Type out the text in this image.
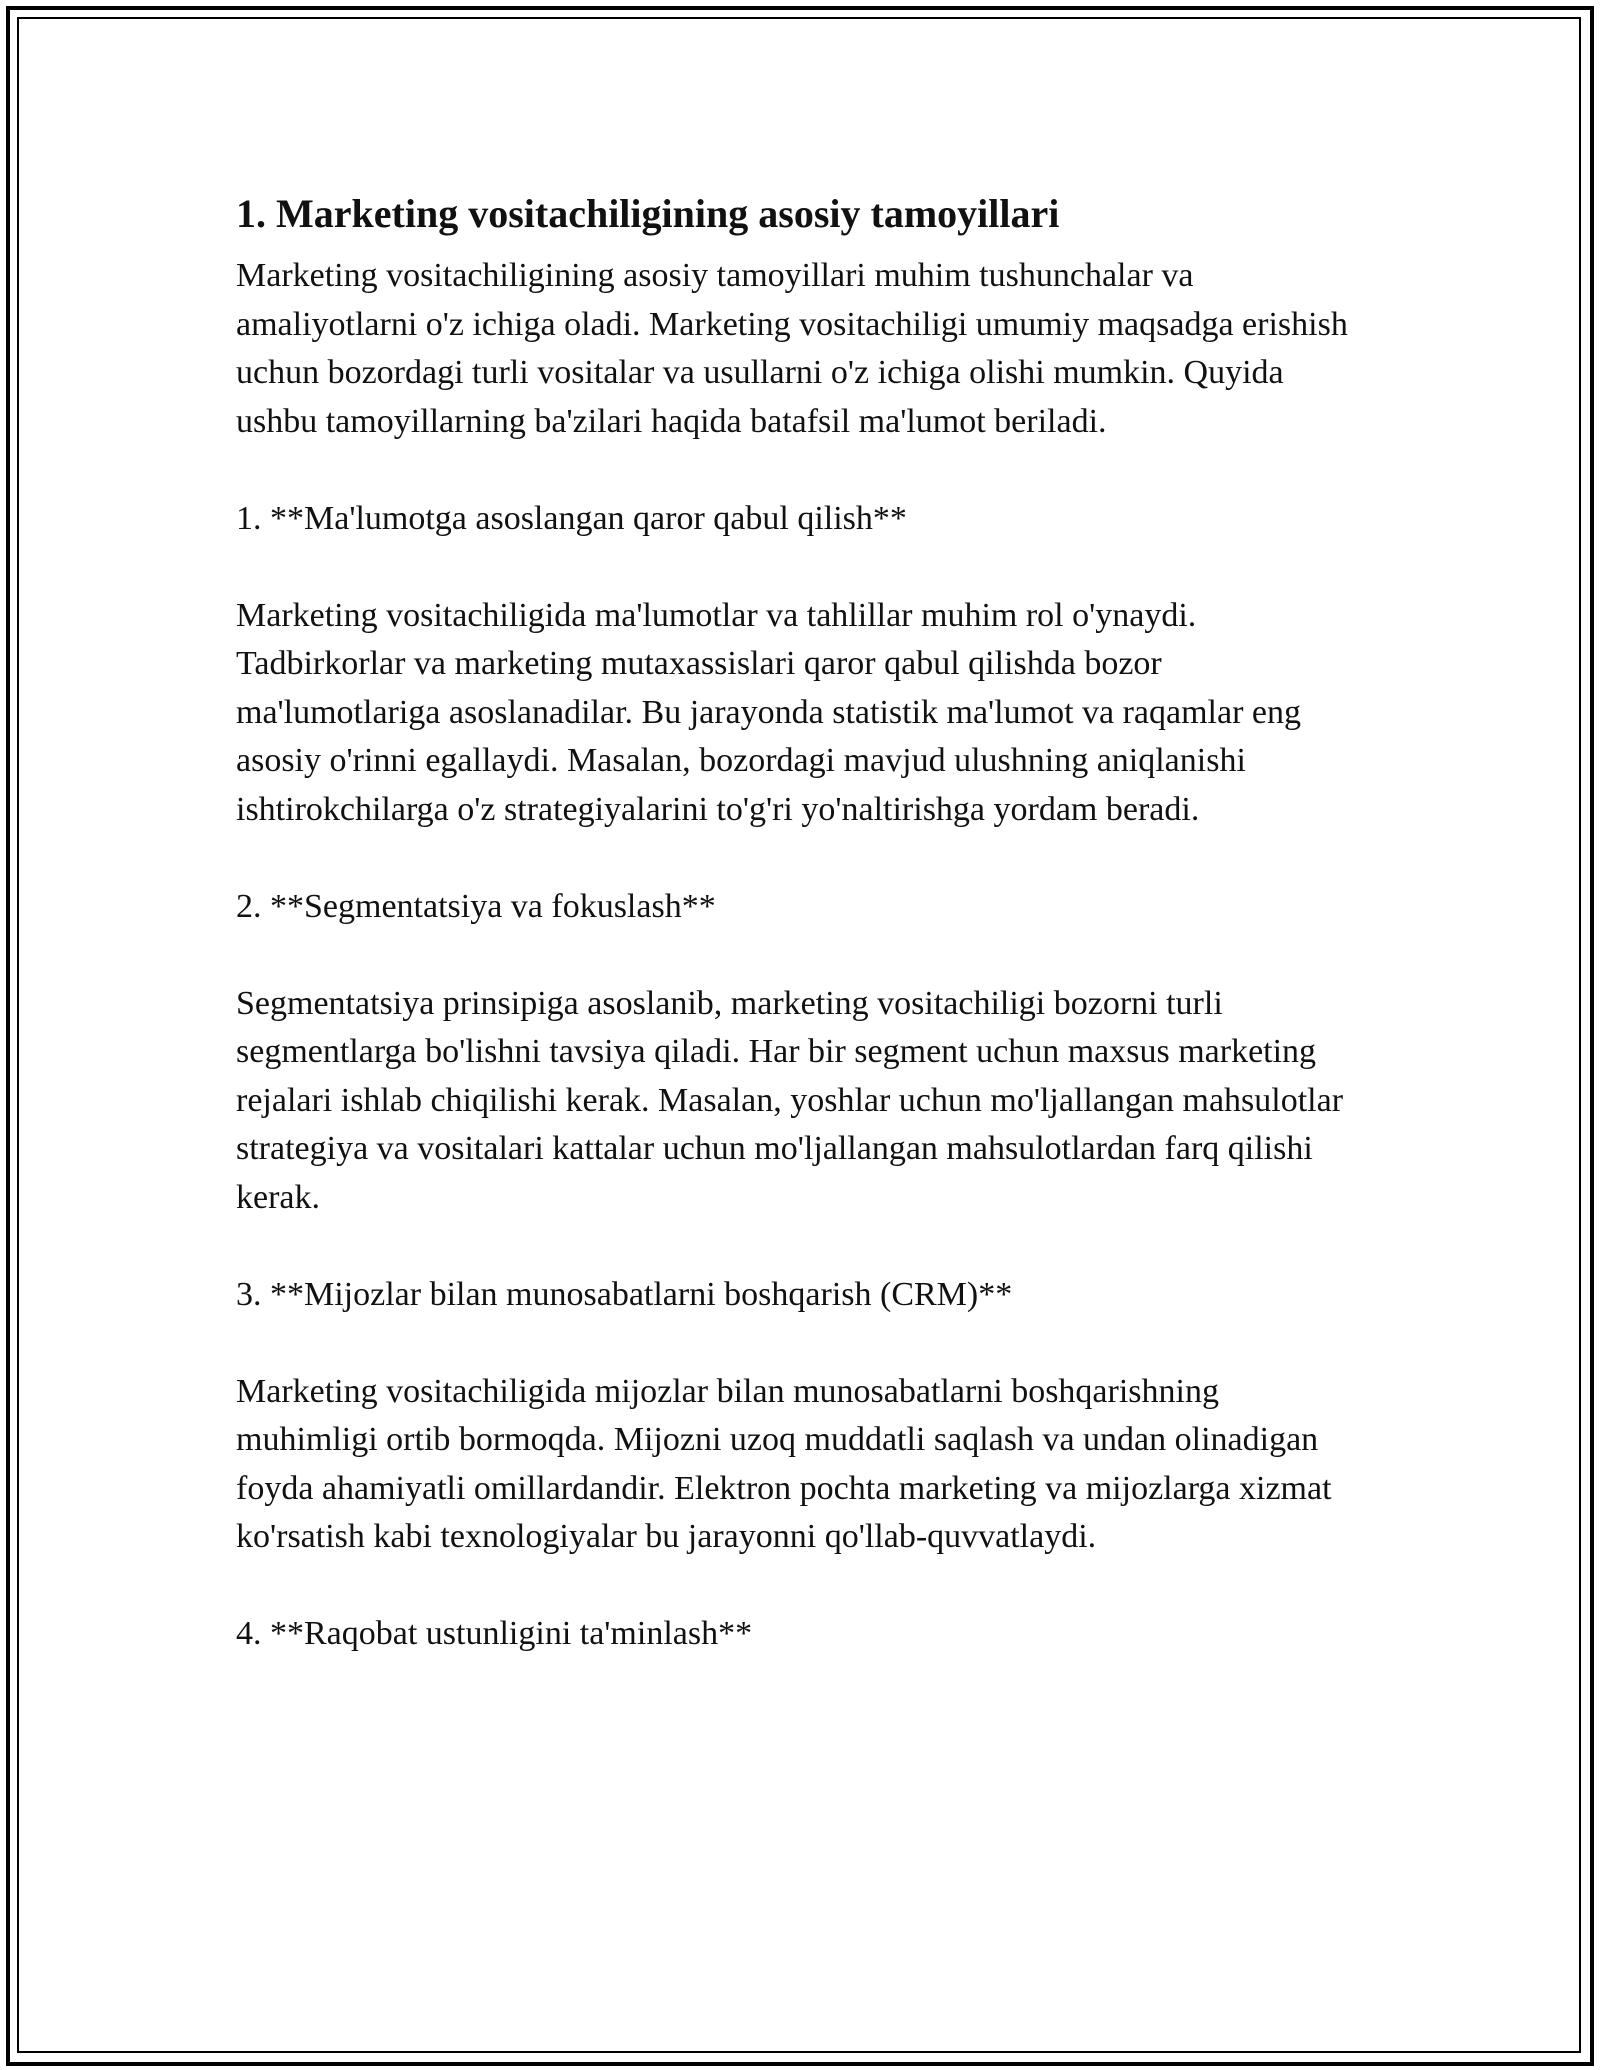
1. Marketing vositachiligining asosiy tamoyillari

Marketing vositachiligining asosiy tamoyillari muhim tushunchalar va amaliyotlarni o'z ichiga oladi. Marketing vositachiligi umumiy maqsadga erishish uchun bozordagi turli vositalar va usullarni o'z ichiga olishi mumkin. Quyida ushbu tamoyillarning ba'zilari haqida batafsil ma'lumot beriladi.

1. **Ma'lumotga asoslangan qaror qabul qilish**

Marketing vositachiligida ma'lumotlar va tahlillar muhim rol o'ynaydi. Tadbirkorlar va marketing mutaxassislari qaror qabul qilishda bozor ma'lumotlariga asoslanadilar. Bu jarayonda statistik ma'lumot va raqamlar eng asosiy o'rinni egallaydi. Masalan, bozordagi mavjud ulushning aniqlanishi ishtirokchilarga o'z strategiyalarini to'g'ri yo'naltirishga yordam beradi.

2. **Segmentatsiya va fokuslash**

Segmentatsiya prinsipiga asoslanib, marketing vositachiligi bozorni turli segmentlarga bo'lishni tavsiya qiladi. Har bir segment uchun maxsus marketing rejalari ishlab chiqilishi kerak. Masalan, yoshlar uchun mo'ljallangan mahsulotlar strategiya va vositalari kattalar uchun mo'ljallangan mahsulotlardan farq qilishi kerak.

3. **Mijozlar bilan munosabatlarni boshqarish (CRM)**

Marketing vositachiligida mijozlar bilan munosabatlarni boshqarishning muhimligi ortib bormoqda. Mijozni uzoq muddatli saqlash va undan olinadigan foyda ahamiyatli omillardandir. Elektron pochta marketing va mijozlarga xizmat ko'rsatish kabi texnologiyalar bu jarayonni qo'llab-quvvatlaydi.

4. **Raqobat ustunligini ta'minlash**
